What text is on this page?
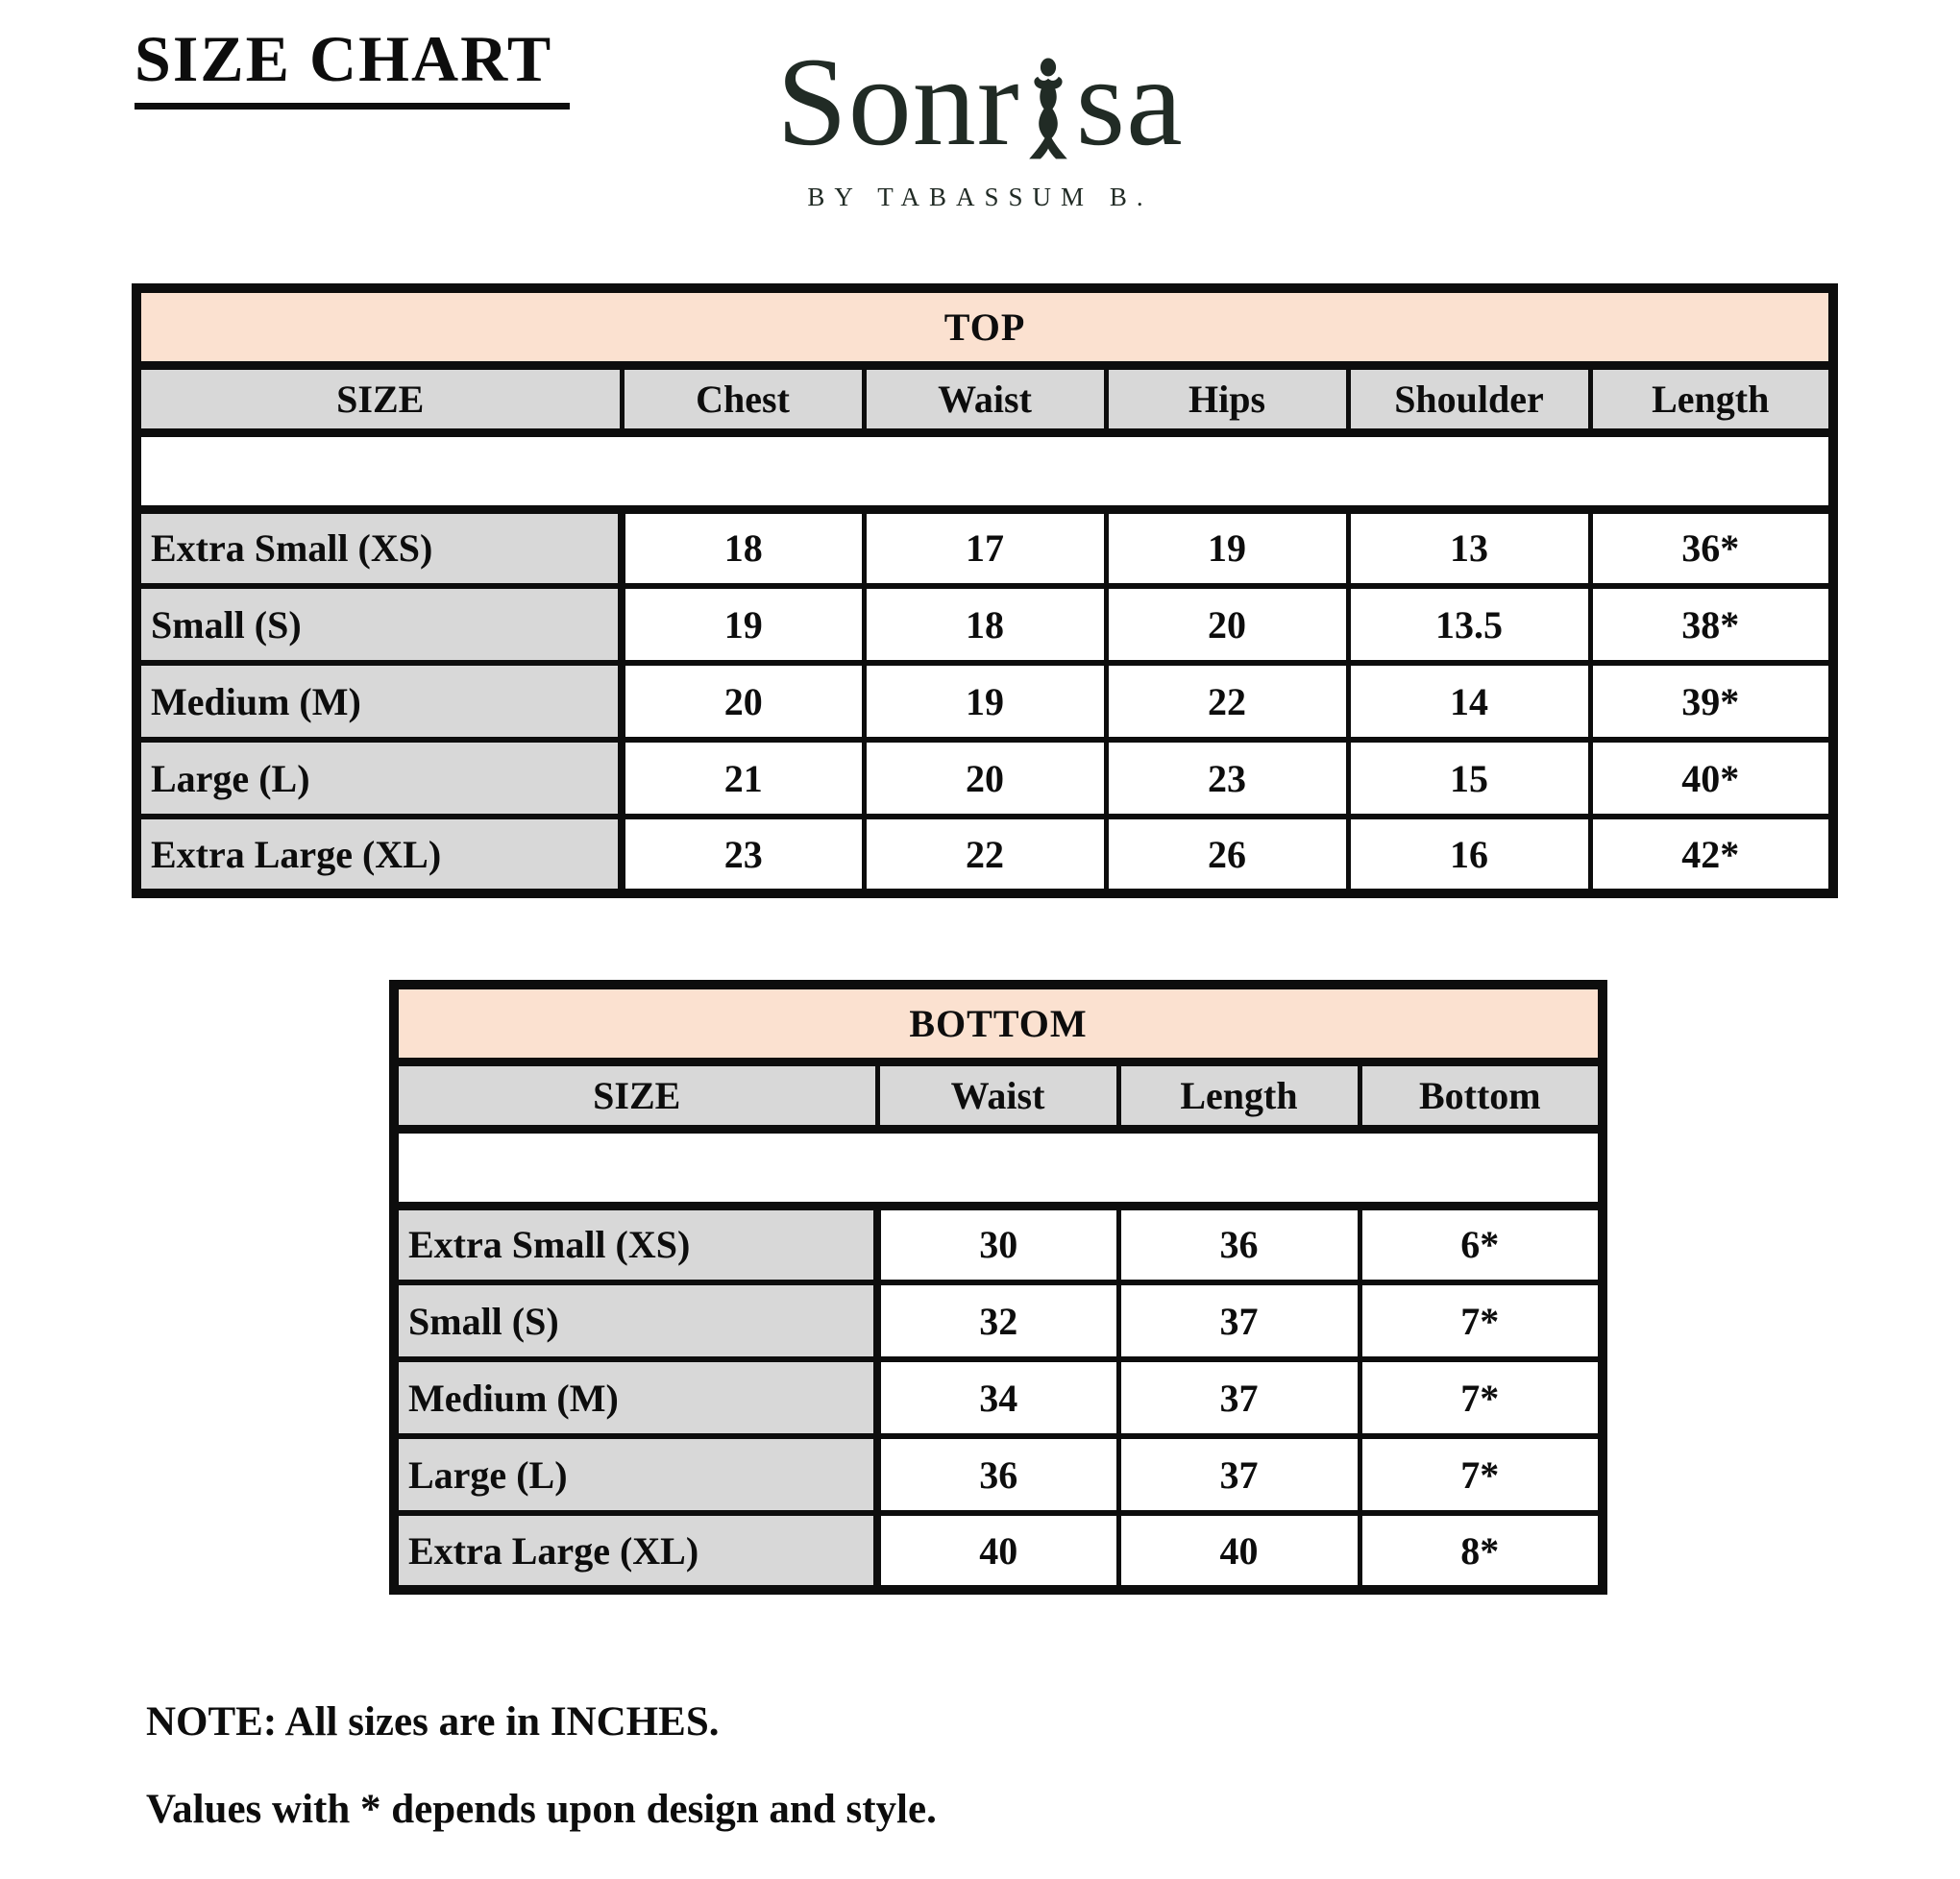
SIZE CHART Sonr sa
BY TABASSUM B.
TOP					
SIZE	Chest	Waist	Hips	Shoulder	Length

Extra Small (XS)	18	17	19	13	36*
Small (S)	19	18	20	13.5	38*
Medium (M)	20	19	22	14	39*
Large (L)	21	20	23	15	40*
Extra Large (XL)	23	22	26	16	42*
BOTTOM			
SIZE	Waist	Length	Bottom

Extra Small (XS)	30	36	6*
Small (S)	32	37	7*
Medium (M)	34	37	7*
Large (L)	36	37	7*
Extra Large (XL)	40	40	8*
NOTE: All sizes are in INCHES.
Values with * depends upon design and style.
